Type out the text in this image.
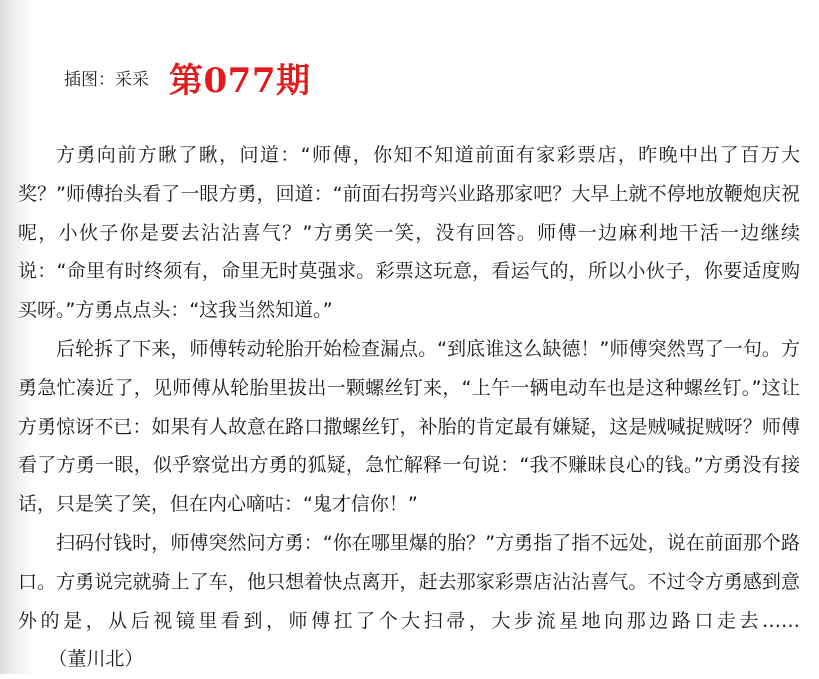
插图：采采 第077期

方勇向前方瞅了瞅，问道：“师傅，你知不知道前面有家彩票店，昨晚中出了百万大奖？”师傅抬头看了一眼方勇，回道：“前面右拐弯兴业路那家吧？大早上就不停地放鞭炮庆祝呢，小伙子你是要去沾沾喜气？”方勇笑一笑，没有回答。师傅一边麻利地干活一边继续说：“命里有时终须有，命里无时莫强求。彩票这玩意，看运气的，所以小伙子，你要适度购买呀。”方勇点点头：“这我当然知道。”

后轮拆了下来，师傅转动轮胎开始检查漏点。“到底谁这么缺德！”师傅突然骂了一句。方勇急忙凑近了，见师傅从轮胎里拔出一颗螺丝钉来，“上午一辆电动车也是这种螺丝钉。”这让方勇惊讶不已：如果有人故意在路口撒螺丝钉，补胎的肯定最有嫌疑，这是贼喊捉贼呀？师傅看了方勇一眼，似乎察觉出方勇的狐疑，急忙解释一句说：“我不赚昧良心的钱。”方勇没有接话，只是笑了笑，但在内心嘀咕：“鬼才信你！”

扫码付钱时，师傅突然问方勇：“你在哪里爆的胎？”方勇指了指不远处，说在前面那个路口。方勇说完就骑上了车，他只想着快点离开，赶去那家彩票店沾沾喜气。不过令方勇感到意外的是，从后视镜里看到，师傅扛了个大扫帚，大步流星地向那边路口走去……（董川北）
